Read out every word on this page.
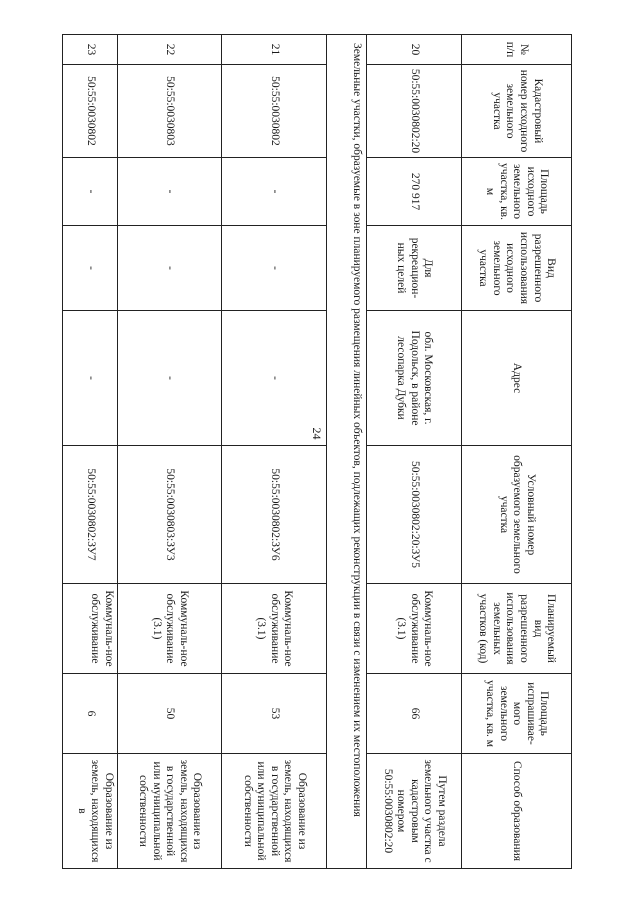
24
№ п/п
Кадастровый номер исходного земельного участка
Площадь исходного земельного участка, кв. м
Вид разрешенного использования исходного земельного участка
Адрес
Условный номер образуемого земельного участка
Планируемый вид разрешенного использования земельных участков (код)
Площадь испрашивае-мого земельного участка, кв. м
Способ образования
20
50:55:0030802:20
270 917
Для рекреацион-ных целей
обл. Московская, г. Подольск, в районе лесопарка Дубки
50:55:0030802:20:ЗУ5
Коммуналь-ное обслуживание (3.1)
66
Путем раздела земельного участка с кадастровым номером 50:55:0030802:20
Земельные участки, образуемые в зоне планируемого размещения линейных объектов, подлежащих реконструкции в связи с изменением их местоположения
21
50:55:0030802
-
-
-
50:55:0030802:ЗУ6
Коммуналь-ное обслуживание (3.1)
53
Образование из земель, находящихся в государственной или муниципальной собственности
22
50:55:0030803
-
-
-
50:55:0030803:ЗУ3
Коммуналь-ное обслуживание (3.1)
50
Образование из земель, находящихся в государственной или муниципальной собственности
23
50:55:0030802
-
-
-
50:55:0030802:ЗУ7
Коммуналь-ное обслуживание
6
Образование из земель, находящихся в
